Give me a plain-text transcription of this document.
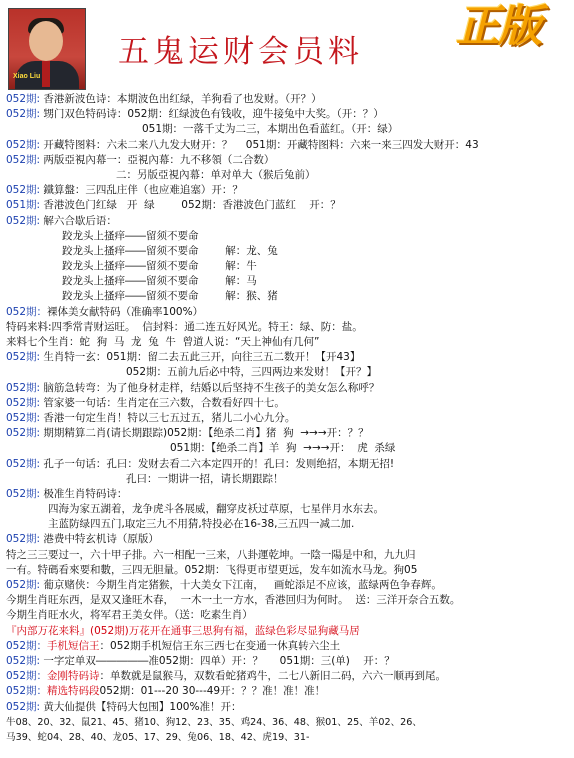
Xiao Liu
五鬼运财会员料 正版
052期: 香港新波色诗：本期波色出红绿，羊狗看了也发财。（开？）
052期: 甥门双色特码诗：052期：红绿波色有钱收，迎牛接兔中大奖。（开：？）
051期：一落千丈为二三，本期出色看蓝红。（开：绿）
052期: 开藏特图料：六未二来八九发大财开：？    051期：开藏特图料：六来一来三四发大财开：43
052期: 两版亞視內幕一：亞視內幕：九不移領（二合数）
二：另版亞視內幕：单对单大（猴后兔前）
052期: 鐵算盤：三四乱庄伴（也应难追塞）开：？
051期: 香港波色门红绿   开  绿        052期：香港波色门蓝红    开：？
052期: 解六合歇后语：
跤龙头上搔痒――留须不要命
跤龙头上搔痒――留须不要命        解：龙、兔
跤龙头上搔痒――留须不要命        解：牛
跤龙头上搔痒――留须不要命        解：马
跤龙头上搔痒――留须不要命        解：猴、猪
052期：裸体美女献特码（准确率100%）
特码来料:四季常青财运旺。  信封料：通二连五好风光。特王：绿、防：盐。
来料七个生肖：蛇  狗  马  龙  兔  牛  曾道人说：“天上神仙有几何”
052期: 生肖特一玄：051期：留二去五此三开，向往三五二数开！【开43】
052期：五前九后必中特，三四两边来发财！【开？】
052期: 脑筋急转弯：为了他身材走样，结婚以后坚持不生孩子的美女怎么称呼？
052期: 管家婆一句话：生肖定在三六数，合数看好四十七。
052期: 香港一句定生肖！特以三七五过五，猪儿二小心九分。
052期: 期期精算二肖(请长期跟踪)052期：【绝杀二肖】猪  狗  →→→开：？？
051期：【绝杀二肖】羊  狗  →→→开：  虎  杀绿
052期: 孔子一句话：孔曰：发财去看二六本定四开的！孔曰：发则绝招，本期无招!
孔曰：一期讲一招，请长期跟踪！
052期: 极准生肖特码诗：
四海为家五湖着，龙争虎斗各展威，翻穿皮袄过草原，七星伴月水东去。
主蓝防绿四五门,取定三九不用猜,特投必在16-38,三五四一减二加.
052期: 港费中特玄机诗（原版）
特之三三要过一，六十甲子排。六一相配一三来，八卦運乾坤。一陰一陽是中和，九九归
一有。特碼看來要和數，三四无胆量。052期：飞得更市望更远，发车如流水马龙。狗05
052期: 葡京赌侠：今期生肖定猪猴，十大美女下江南，   画蛇添足不应该，蓝绿两色争春辉。
今期生肖旺东西，是双又逢旺木春，  一木一土一方水，香港回归为何时。  送：三洋开奈合五数。
今期生肖旺水火，将军君王美女伴。（送：吃素生肖）
『内部万花来料』(052期)万花开在通事三思狗有福，蓝绿色彩尽显狗藏马居
052期：手机短信王：052期手机短信王东三西七在变通一休真转六尘土
052期: 一字定单双―――――准052期：四单）开：？     051期：三(单)    开：？
052期：金刚特码诗：单数就是鼠猴马，双数看蛇猪鸡牛，二七八新旧二码，六六一顺再到尾。
052期：精选特码段052期：01---20 30---49开：？？准！准！准！
052期: 黄大仙提供【特码大包围】100%准！开：
牛08、20、32、鼠21、45、猪10、狗12、23、35、鸡24、36、48、猴01、25、羊02、26、
马39、蛇04、28、40、龙05、17、29、兔06、18、42、虎19、31-
